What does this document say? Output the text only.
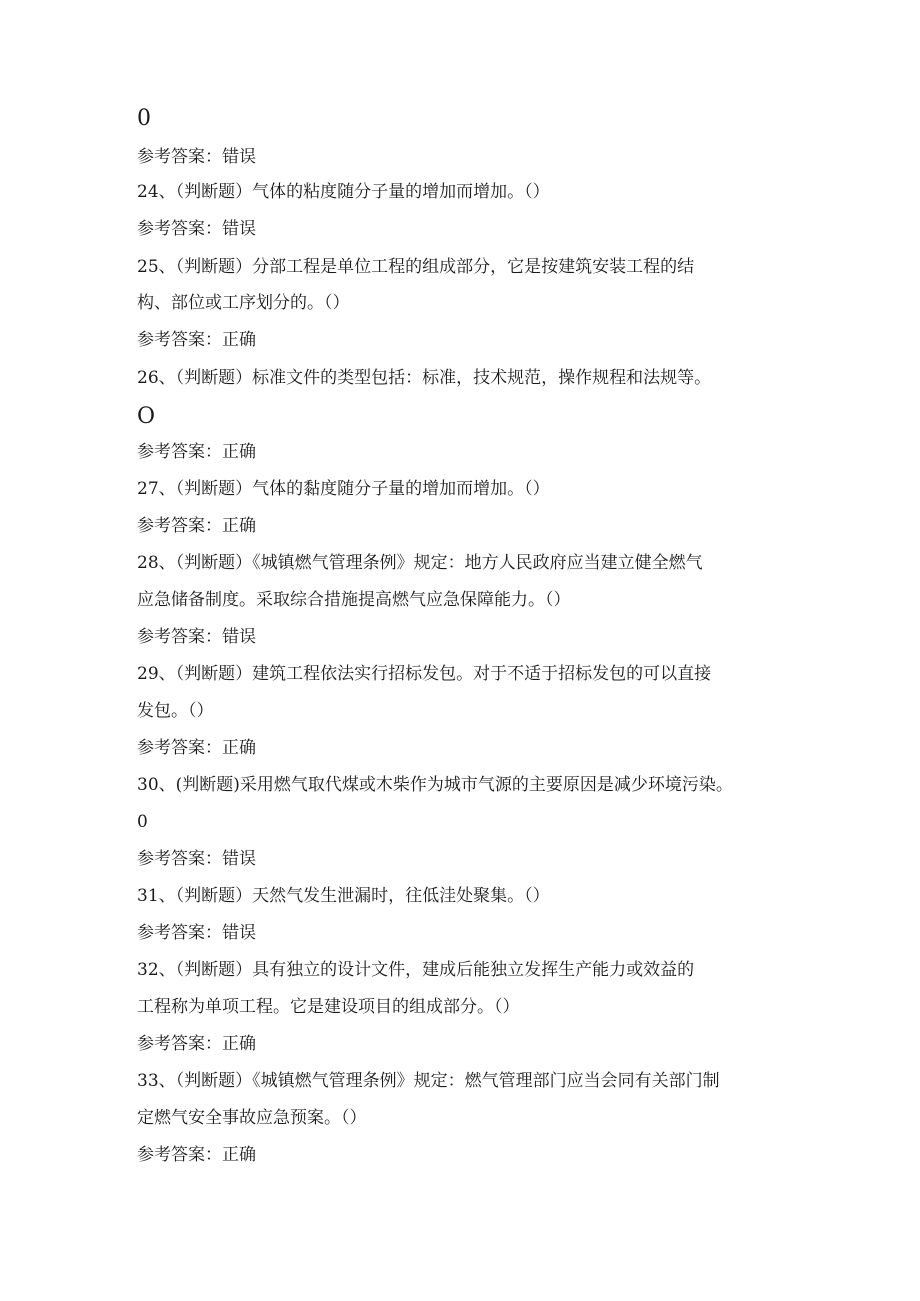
0
参考答案：错误
24、（判断题）气体的粘度随分子量的增加而增加。（）
参考答案：错误
25、（判断题）分部工程是单位工程的组成部分，它是按建筑安装工程的结
构、部位或工序划分的。（）
参考答案：正确
26、（判断题）标准文件的类型包括：标准，技术规范，操作规程和法规等。
O
参考答案：正确
27、（判断题）气体的黏度随分子量的增加而增加。（）
参考答案：正确
28、（判断题）《城镇燃气管理条例》规定：地方人民政府应当建立健全燃气
应急储备制度。采取综合措施提高燃气应急保障能力。（）
参考答案：错误
29、（判断题）建筑工程依法实行招标发包。对于不适于招标发包的可以直接
发包。（）
参考答案：正确
30、(判断题)采用燃气取代煤或木柴作为城市气源的主要原因是减少环境污染。
0
参考答案：错误
31、（判断题）天然气发生泄漏时，往低洼处聚集。（）
参考答案：错误
32、（判断题）具有独立的设计文件，建成后能独立发挥生产能力或效益的
工程称为单项工程。它是建设项目的组成部分。（）
参考答案：正确
33、（判断题）《城镇燃气管理条例》规定：燃气管理部门应当会同有关部门制
定燃气安全事故应急预案。（）
参考答案：正确
